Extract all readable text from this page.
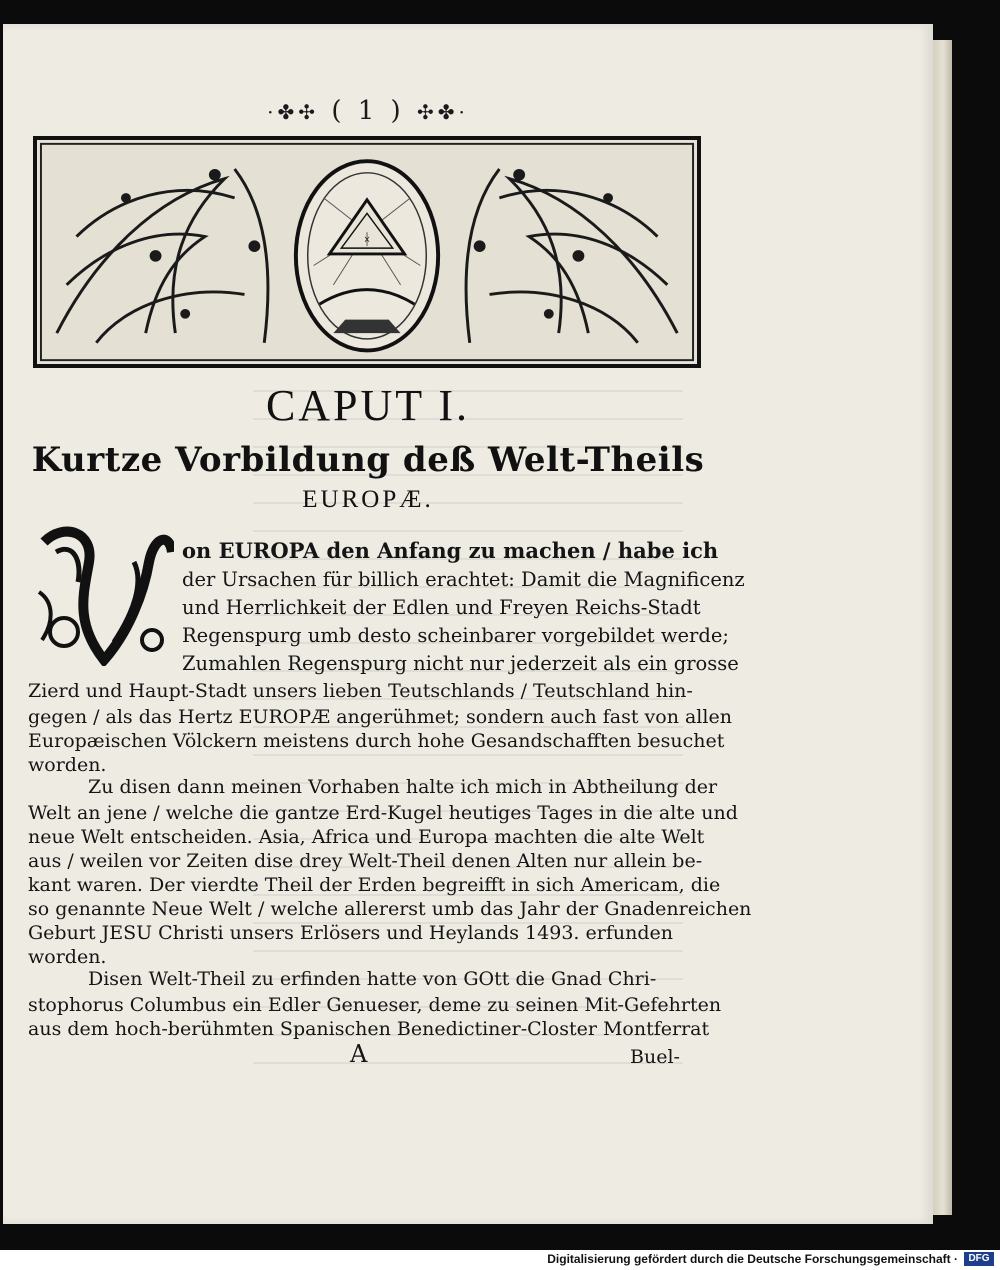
·✤✣ ( 1 ) ✣✤·
ᚼ
CAPUT I.
Kurtze Vorbildung deß Welt-Theils
EUROPÆ.
on EUROPA den Anfang zu machen / habe ich
der Ursachen für billich erachtet: Damit die Magnificenz
und Herrlichkeit der Edlen und Freyen Reichs-Stadt
Regenspurg umb desto scheinbarer vorgebildet werde;
Zumahlen Regenspurg nicht nur jederzeit als ein grosse
Zierd und Haupt-Stadt unsers lieben Teutschlands / Teutschland hin-
gegen / als das Hertz EUROPÆ angerühmet; sondern auch fast von allen
Europæischen Völckern meistens durch hohe Gesandschafften besuchet
worden.
Zu disen dann meinen Vorhaben halte ich mich in Abtheilung der
Welt an jene / welche die gantze Erd-Kugel heutiges Tages in die alte und
neue Welt entscheiden. Asia, Africa und Europa machten die alte Welt
aus / weilen vor Zeiten dise drey Welt-Theil denen Alten nur allein be-
kant waren. Der vierdte Theil der Erden begreifft in sich Americam, die
so genannte Neue Welt / welche allererst umb das Jahr der Gnadenreichen
Geburt JESU Christi unsers Erlösers und Heylands 1493. erfunden
worden.
Disen Welt-Theil zu erfinden hatte von GOtt die Gnad Chri-
stophorus Columbus ein Edler Genueser, deme zu seinen Mit-Gefehrten
aus dem hoch-berühmten Spanischen Benedictiner-Closter Montferrat
A	Buel-
Digitalisierung gefördert durch die Deutsche Forschungsgemeinschaft ·	DFG
